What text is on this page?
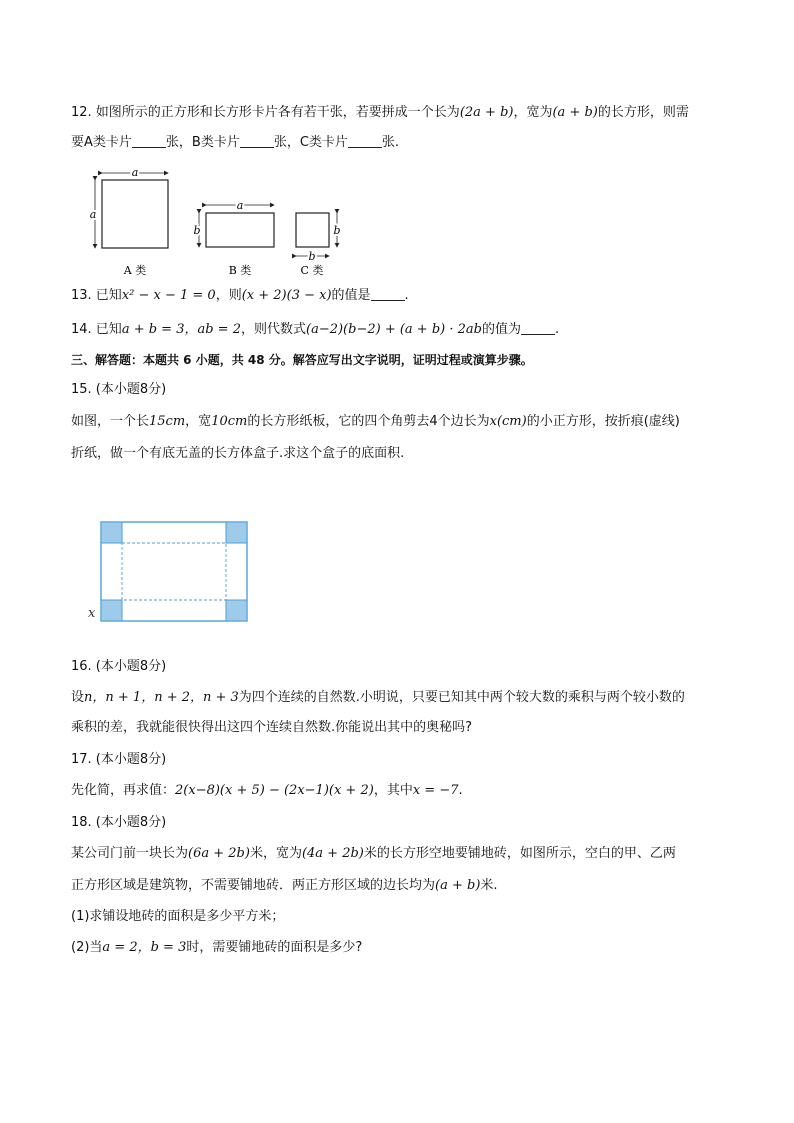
12. 如图所示的正方形和长方形卡片各有若干张，若要拼成一个长为(2a + b)，宽为(a + b)的长方形，则需
要A类卡片	张，B类卡片	张，C类卡片	张.
a
a
A 类
a
b
B 类
b
b
C 类
13. 已知x² − x − 1 = 0，则(x + 2)(3 − x)的值是	.
14. 已知a + b = 3，ab = 2，则代数式(a−2)(b−2) + (a + b) · 2ab的值为	.
三、解答题：本题共 6 小题，共 48 分。解答应写出文字说明，证明过程或演算步骤。
15. (本小题8分)
如图，一个长15cm，宽10cm的长方形纸板，它的四个角剪去4个边长为x(cm)的小正方形，按折痕(虚线)
折纸，做一个有底无盖的长方体盒子.求这个盒子的底面积.
x
16. (本小题8分)
设n，n + 1，n + 2，n + 3为四个连续的自然数.小明说，只要已知其中两个较大数的乘积与两个较小数的
乘积的差，我就能很快得出这四个连续自然数.你能说出其中的奥秘吗?
17. (本小题8分)
先化简，再求值：2(x−8)(x + 5) − (2x−1)(x + 2)，其中x = −7.
18. (本小题8分)
某公司门前一块长为(6a + 2b)米，宽为(4a + 2b)米的长方形空地要铺地砖，如图所示，空白的甲、乙两
正方形区域是建筑物，不需要铺地砖．两正方形区域的边长均为(a + b)米.
(1)求铺设地砖的面积是多少平方米；
(2)当a = 2，b = 3时，需要铺地砖的面积是多少?
